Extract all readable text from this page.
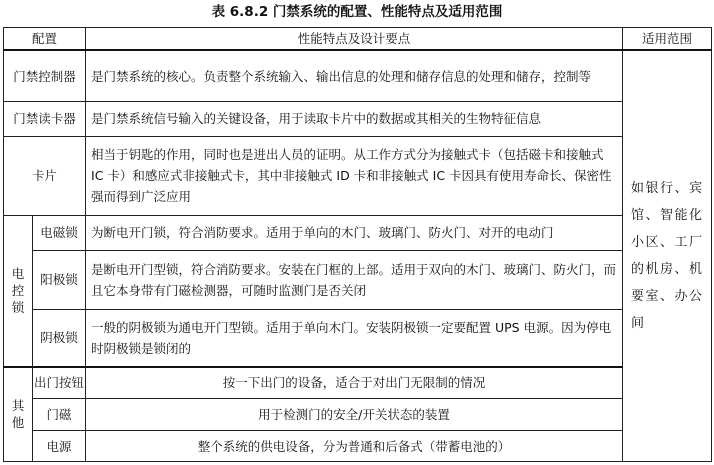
表 6.8.2 门禁系统的配置、性能特点及适用范围
配置		性能特点及设计要点	适用范围
门禁控制器		是门禁系统的核心。负责整个系统输入、输出信息的处理和储存信息的处理和储存，控制等	如银行、宾馆、智能化小区、工厂的机房、机要室、办公间
门禁读卡器		是门禁系统信号输入的关键设备，用于读取卡片中的数据或其相关的生物特征信息	
卡片		相当于钥匙的作用，同时也是进出人员的证明。从工作方式分为接触式卡（包括磁卡和接触式 IC 卡）和感应式非接触式卡，其中非接触式 ID 卡和非接触式 IC 卡因具有使用寿命长、保密性强而得到广泛应用	
电控锁	电磁锁	为断电开门锁，符合消防要求。适用于单向的木门、玻璃门、防火门、对开的电动门	
	阳极锁	是断电开门型锁，符合消防要求。安装在门框的上部。适用于双向的木门、玻璃门、防火门，而且它本身带有门磁检测器，可随时监测门是否关闭	
	阴极锁	一般的阴极锁为通电开门型锁。适用于单向木门。安装阴极锁一定要配置 UPS 电源。因为停电时阴极锁是锁闭的	
其他	出门按钮	按一下出门的设备，适合于对出门无限制的情况	
	门磁	用于检测门的安全/开关状态的装置	
	电源	整个系统的供电设备，分为普通和后备式（带蓄电池的）	
